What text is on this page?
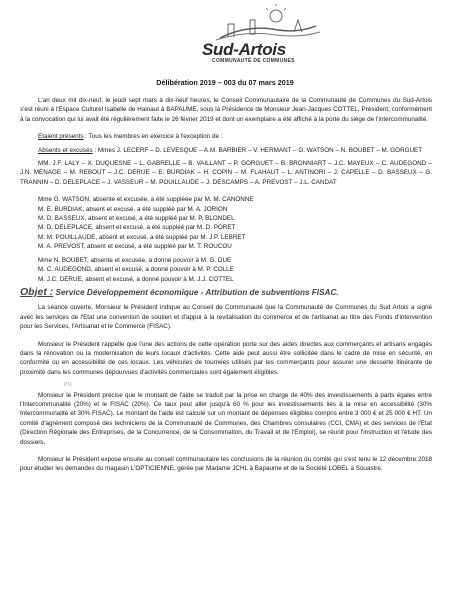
Sud-Artois
COMMUNAUTÉ DE COMMUNES
Délibération 2019 – 003 du 07 mars 2019

L'an deux mil dix-neuf, le jeudi sept mars à dix-neuf heures, le Conseil Communautaire de la Communauté de Communes du Sud-Artois s'est réuni à l'Espace Culturel Isabelle de Hainaut à BAPAUME, sous la Présidence de Monsieur Jean-Jacques COTTEL, Président, conformément à la convocation qui lui avait été régulièrement faite le 26 février 2019 et dont un exemplaire a été affiché à la porte du siège de l'intercommunalité.

Etaient présents : Tous les membres en exercice à l'exception de :
Absents et excusés : Mmes J. LECERF – D. LEVESQUE – A.M. BARBIER – V. HERMANT – G. WATSON – N. BOUBET – M. GORGUET

MM. J.F. LALY – X. DUQUESNE – L. GABRELLE – B. VAILLANT – P. GORGUET – B. BRONNIART – J.C. MAYEUX – C. AUDEGOND – J.N. MENAGE – M. REBOUT – J.C. DERUE – E. BURDIAK – H. COPIN – M. FLAHAUT – L. ANTINORI – J. CAPELLE – D. BASSEUX – G. TRANNIN – D. DELEPLACE – J. VASSEUR – M. POUILLAUDE – J. DESCAMPS – A. PREVOST – J.L. CANDAT

Mme G. WATSON, absente et excusée, a été suppléée par M. M. CANONNE
M. E. BURDIAK, absent et excusé, a été suppléé par M. A. JORION
M. D. BASSEUX, absent et excusé, a été suppléé par M. P. BLONDEL
M. D. DELEPLACE, absent et excusé, a été suppléé par M. D. PORET
M. M. POUILLAUDE, absent et excusé, a été suppléé par M. J.P. LEBRET
M. A. PREVOST, absent et excusé, a été suppléé par M. T. ROUCOU
Mme N. BOUBET, absente et excusée, a donné pouvoir à M. G. DUE
M. C. AUDEGOND, absent et excusé, a donné pouvoir à M. P. COLLE
M. J.C. DERUE, absent et excusé, a donné pouvoir à M. J.J. COTTEL
Objet : Service Développement économique - Attribution de subventions FISAC.

La séance ouverte, Monsieur le Président indique au Conseil de Communauté que la Communauté de Communes du Sud Artois a signé avec les services de l'Etat une convention de soutien et d'appui à la revitalisation du commerce et de l'artisanat au titre des Fonds d'intervention pour les Services, l'Artisanat et le Commerce (FISAC).

Monsieur le Président rappelle que l'une des actions de cette opération porte sur des aides directes aux commerçants et artisans engagés dans la rénovation ou la modernisation de leurs locaux d'activités. Cette aide peut aussi être sollicitée dans le cadre de mise en sécurité, en conformité ou en accessibilité de ces locaux. Les véhicules de tournées utilisés par les commerçants pour assurer une desserte itinérante de proximité dans les communes dépourvues d'activités commerciales sont également éligibles.

P.V.

Monsieur le Président précise que le montant de l'aide se traduit par la prise en charge de 40% des investissements à parts égales entre l'Intercommunalité (20%) et le FISAC (20%). Ce taux peut aller jusqu'à 60 % pour les investissements liés à la mise en accessibilité (30% Intercommunalité et 30% FISAC). Le montant de l'aide est calculé sur un montant de dépenses éligibles compris entre 3 000 € et 25 000 € HT. Un comité d'agrément composé des techniciens de la Communauté de Communes, des Chambres consulaires (CCI, CMA) et des services de l'Etat (Direction Régionale des Entreprises, de la Concurrence, de la Consommation, du Travail et de l'Emploi), se réunit pour l'instruction et l'étude des dossiers.

Monsieur le Président expose ensuite au conseil communautaire les conclusions de la réunion du comité qui s'est tenu le 12 décembre 2018 pour étudier les demandes du magasin L'OPTICIENNE, gérée par Madame JCHL à Bapaume et de la Société LOBEL à Souastre.
